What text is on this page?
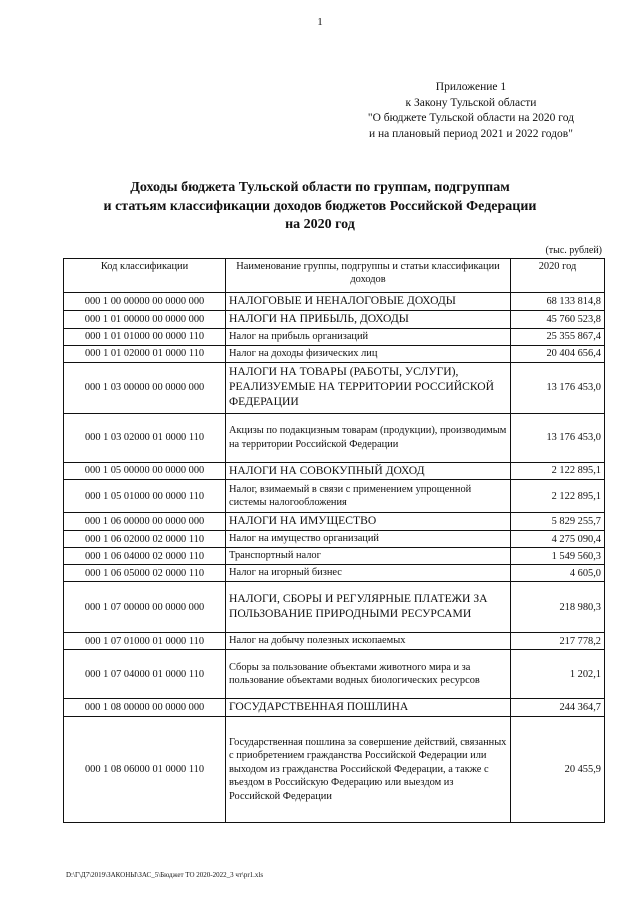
1
Приложение 1
к Закону Тульской области
"О бюджете Тульской области на 2020 год
и на плановый период 2021 и 2022 годов"
Доходы бюджета Тульской области по группам, подгруппам
и статьям классификации доходов бюджетов Российской Федерации
на 2020 год
(тыс. рублей)
Код классификации	Наименование группы, подгруппы и статьи классификации доходов	2020 год
000 1 00 00000 00 0000 000	НАЛОГОВЫЕ И НЕНАЛОГОВЫЕ ДОХОДЫ	68 133 814,8
000 1 01 00000 00 0000 000	НАЛОГИ НА ПРИБЫЛЬ, ДОХОДЫ	45 760 523,8
000 1 01 01000 00 0000 110	Налог на прибыль организаций	25 355 867,4
000 1 01 02000 01 0000 110	Налог на доходы физических лиц	20 404 656,4
000 1 03 00000 00 0000 000	НАЛОГИ НА ТОВАРЫ (РАБОТЫ, УСЛУГИ), РЕАЛИЗУЕМЫЕ НА ТЕРРИТОРИИ РОССИЙСКОЙ ФЕДЕРАЦИИ	13 176 453,0
000 1 03 02000 01 0000 110	Акцизы по подакцизным товарам (продукции), производимым на территории Российской Федерации	13 176 453,0
000 1 05 00000 00 0000 000	НАЛОГИ НА СОВОКУПНЫЙ ДОХОД	2 122 895,1
000 1 05 01000 00 0000 110	Налог, взимаемый в связи с применением упрощенной системы налогообложения	2 122 895,1
000 1 06 00000 00 0000 000	НАЛОГИ НА ИМУЩЕСТВО	5 829 255,7
000 1 06 02000 02 0000 110	Налог на имущество организаций	4 275 090,4
000 1 06 04000 02 0000 110	Транспортный налог	1 549 560,3
000 1 06 05000 02 0000 110	Налог на игорный бизнес	4 605,0
000 1 07 00000 00 0000 000	НАЛОГИ, СБОРЫ И РЕГУЛЯРНЫЕ ПЛАТЕЖИ ЗА ПОЛЬЗОВАНИЕ ПРИРОДНЫМИ РЕСУРСАМИ	218 980,3
000 1 07 01000 01 0000 110	Налог на добычу полезных ископаемых	217 778,2
000 1 07 04000 01 0000 110	Сборы за пользование объектами животного мира и за пользование объектами водных биологических ресурсов	1 202,1
000 1 08 00000 00 0000 000	ГОСУДАРСТВЕННАЯ ПОШЛИНА	244 364,7
000 1 08 06000 01 0000 110	Государственная пошлина за совершение действий, связанных с приобретением гражданства Российской Федерации или выходом из гражданства Российской Федерации, а также с въездом в Российскую Федерацию или выездом из Российской Федерации	20 455,9
D:\Г\Д7\2019\ЗАКОНЫ\ЗАС_5\Бюджет ТО 2020-2022_3 чт\pr1.xls
